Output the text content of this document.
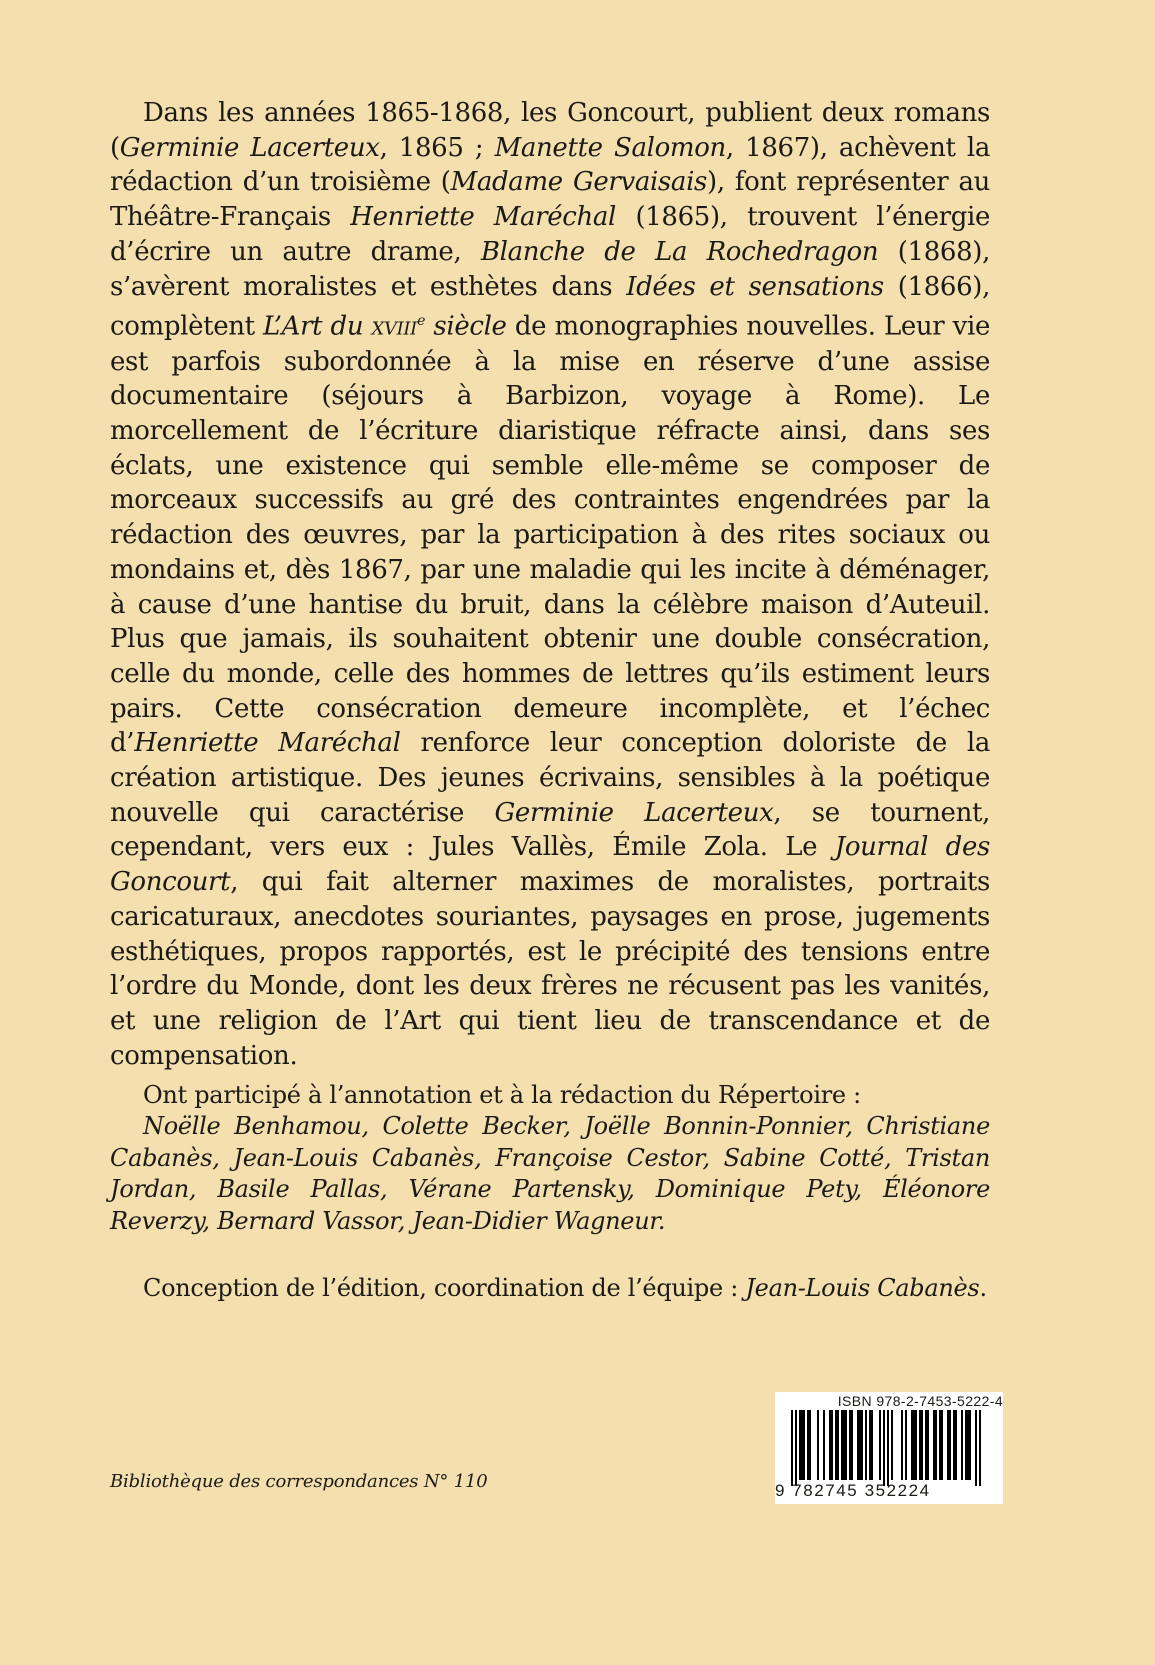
Dans les années 1865-1868, les Goncourt, publient deux romans (Germinie Lacerteux, 1865 ; Manette Salomon, 1867), achèvent la rédaction d’un troisième (Madame Gervaisais), font représenter au Théâtre-Français Henriette Maréchal (1865), trouvent l’énergie d’écrire un autre drame, Blanche de La Rochedragon (1868), s’avèrent moralistes et esthètes dans Idées et sensations (1866), complètent L’Art du xviii$^e$ siècle de monographies nouvelles. Leur vie est parfois subordonnée à la mise en réserve d’une assise documentaire (séjours à Barbizon, voyage à Rome). Le morcellement de l’écriture diaristique réfracte ainsi, dans ses éclats, une existence qui semble elle-même se composer de morceaux successifs au gré des contraintes engendrées par la rédaction des œuvres, par la participation à des rites sociaux ou mondains et, dès 1867, par une maladie qui les incite à déménager, à cause d’une hantise du bruit, dans la célèbre maison d’Auteuil. Plus que jamais, ils souhaitent obtenir une double consécration, celle du monde, celle des hommes de lettres qu’ils estiment leurs pairs. Cette consécration demeure incomplète, et l’échec d’Henriette Maréchal renforce leur conception doloriste de la création artistique. Des jeunes écrivains, sensibles à la poétique nouvelle qui caractérise Germinie Lacerteux, se tournent, cependant, vers eux : Jules Vallès, Émile Zola. Le Journal des Goncourt, qui fait alterner maximes de moralistes, portraits caricaturaux, anecdotes souriantes, paysages en prose, jugements esthétiques, propos rapportés, est le précipité des tensions entre l’ordre du Monde, dont les deux frères ne récusent pas les vanités, et une religion de l’Art qui tient lieu de transcendance et de compensation.

Ont participé à l’annotation et à la rédaction du Répertoire :

Noëlle Benhamou, Colette Becker, Joëlle Bonnin-Ponnier, Christiane Cabanès, Jean-Louis Cabanès, Françoise Cestor, Sabine Cotté, Tristan Jordan, Basile Pallas, Vérane Partensky, Dominique Pety, Éléonore Reverzy, Bernard Vassor, Jean-Didier Wagneur.

Conception de l’édition, coordination de l’équipe : Jean-Louis Cabanès.

Bibliothèque des correspondances N° 110
ISBN 978-2-7453-5222-4
9 782745 352224
